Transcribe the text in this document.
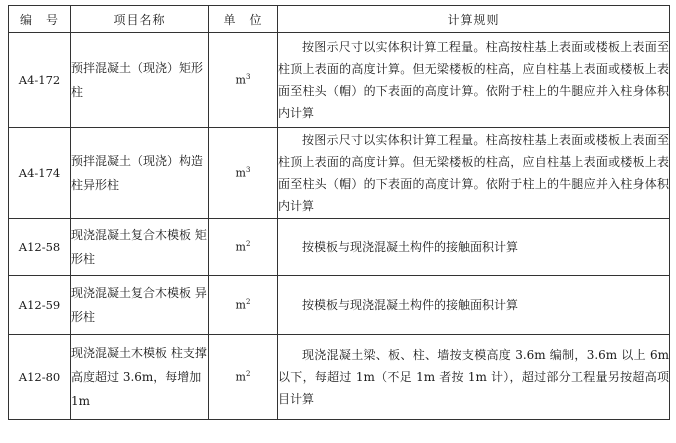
编　号	项目名称	单　位	计算规则
A4-172	预拌混凝土（现浇）矩形柱	$m^3$	按图示尺寸以实体积计算工程量。柱高按柱基上表面或楼板上表面至柱顶上表面的高度计算。但无梁楼板的柱高，应自柱基上表面或楼板上表面至柱头（帽）的下表面的高度计算。依附于柱上的牛腿应并入柱身体积内计算
A4-174	预拌混凝土（现浇）构造柱异形柱	$m^3$	按图示尺寸以实体积计算工程量。柱高按柱基上表面或楼板上表面至柱顶上表面的高度计算。但无梁楼板的柱高，应自柱基上表面或楼板上表面至柱头（帽）的下表面的高度计算。依附于柱上的牛腿应并入柱身体积内计算
A12-58	现浇混凝土复合木模板 矩形柱	$m^2$	按模板与现浇混凝土构件的接触面积计算
A12-59	现浇混凝土复合木模板 异形柱	$m^2$	按模板与现浇混凝土构件的接触面积计算
A12-80	现浇混凝土木模板 柱支撑高度超过 3.6m，每增加 1m	$m^2$	现浇混凝土梁、板、柱、墙按支模高度 3.6m 编制，3.6m 以上 6m 以下，每超过 1m（不足 1m 者按 1m 计），超过部分工程量另按超高项目计算
